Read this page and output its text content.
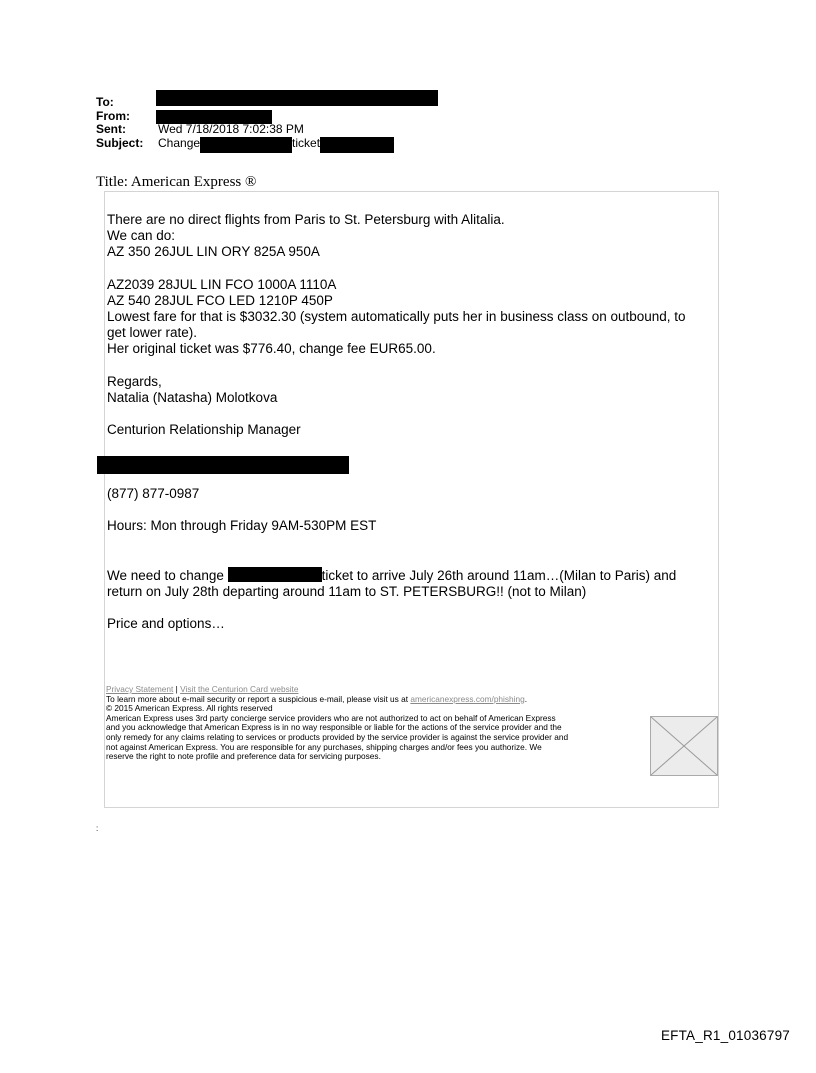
To:
From:
Sent:	Wed 7/18/2018 7:02:38 PM
Subject: Change	ticket
Title: American Express ®

There are no direct flights from Paris to St. Petersburg with Alitalia.

We can do:

AZ 350 26JUL LIN ORY 825A 950A

AZ2039 28JUL LIN FCO 1000A 1110A

AZ 540 28JUL FCO LED 1210P 450P

Lowest fare for that is $3032.30 (system automatically puts her in business class on outbound, to

get lower rate).

Her original ticket was $776.40, change fee EUR65.00.

Regards,

Natalia (Natasha) Molotkova

Centurion Relationship Manager

(877) 877-0987

Hours: Mon through Friday 9AM-530PM EST

We need to change	ticket to arrive July 26th around 11am…(Milan to Paris) and

return on July 28th departing around 11am to ST. PETERSBURG!! (not to Milan)

Price and options…

Privacy Statement | Visit the Centurion Card website

To learn more about e-mail security or report a suspicious e-mail, please visit us at americanexpress.com/phishing.

© 2015 American Express. All rights reserved

American Express uses 3rd party concierge service providers who are not authorized to act on behalf of American Express

and you acknowledge that American Express is in no way responsible or liable for the actions of the service provider and the

only remedy for any claims relating to services or products provided by the service provider is against the service provider and

not against American Express. You are responsible for any purchases, shipping charges and/or fees you authorize. We

reserve the right to note profile and preference data for servicing purposes.

:
EFTA_R1_01036797
